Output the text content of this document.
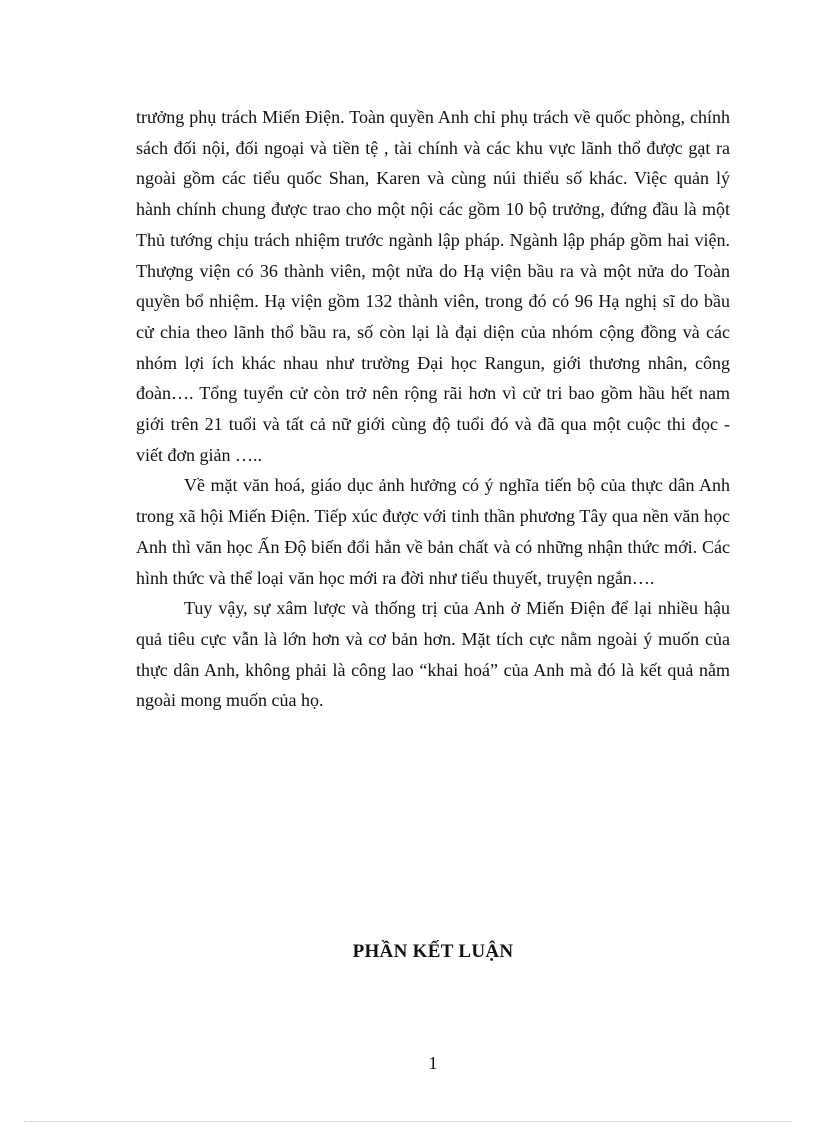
trưởng phụ trách Miến Điện. Toàn quyền Anh chỉ phụ trách về quốc phòng, chính sách đối nội, đối ngoại và tiền tệ , tài chính và các khu vực lãnh thổ được gạt ra ngoài gồm các tiểu quốc Shan, Karen và cùng núi thiểu số khác. Việc quản lý hành chính chung được trao cho một nội các gồm 10 bộ trưởng, đứng đầu là một Thủ tướng chịu trách nhiệm trước ngành lập pháp. Ngành lập pháp gồm hai viện. Thượng viện có 36 thành viên, một nửa do Hạ viện bầu ra và một nửa do Toàn quyền bổ nhiệm. Hạ viện gồm 132 thành viên, trong đó có 96 Hạ nghị sĩ do bầu cử chia theo lãnh thổ bầu ra, số còn lại là đại diện của nhóm cộng đồng và các nhóm lợi ích khác nhau như trường Đại học Rangun, giới thương nhân, công đoàn…. Tổng tuyển cử còn trở nên rộng rãi hơn vì cử tri bao gồm hầu hết nam giới trên 21 tuổi và tất cả nữ giới cùng độ tuổi đó và đã qua một cuộc thi đọc - viết đơn giản …..

Về mặt văn hoá, giáo dục ảnh hưởng có ý nghĩa tiến bộ của thực dân Anh trong xã hội Miến Điện. Tiếp xúc được với tinh thần phương Tây qua nền văn học Anh thì văn học Ấn Độ biến đổi hẳn về bản chất và có những nhận thức mới. Các hình thức và thể loại văn học mới ra đời như tiểu thuyết, truyện ngắn….

Tuy vậy, sự xâm lược và thống trị của Anh ở Miến Điện để lại nhiều hậu quả tiêu cực vẫn là lớn hơn và cơ bản hơn. Mặt tích cực nằm ngoài ý muốn của thực dân Anh, không phải là công lao “khai hoá” của Anh mà đó là kết quả nằm ngoài mong muốn của họ.

PHẦN KẾT LUẬN
1
